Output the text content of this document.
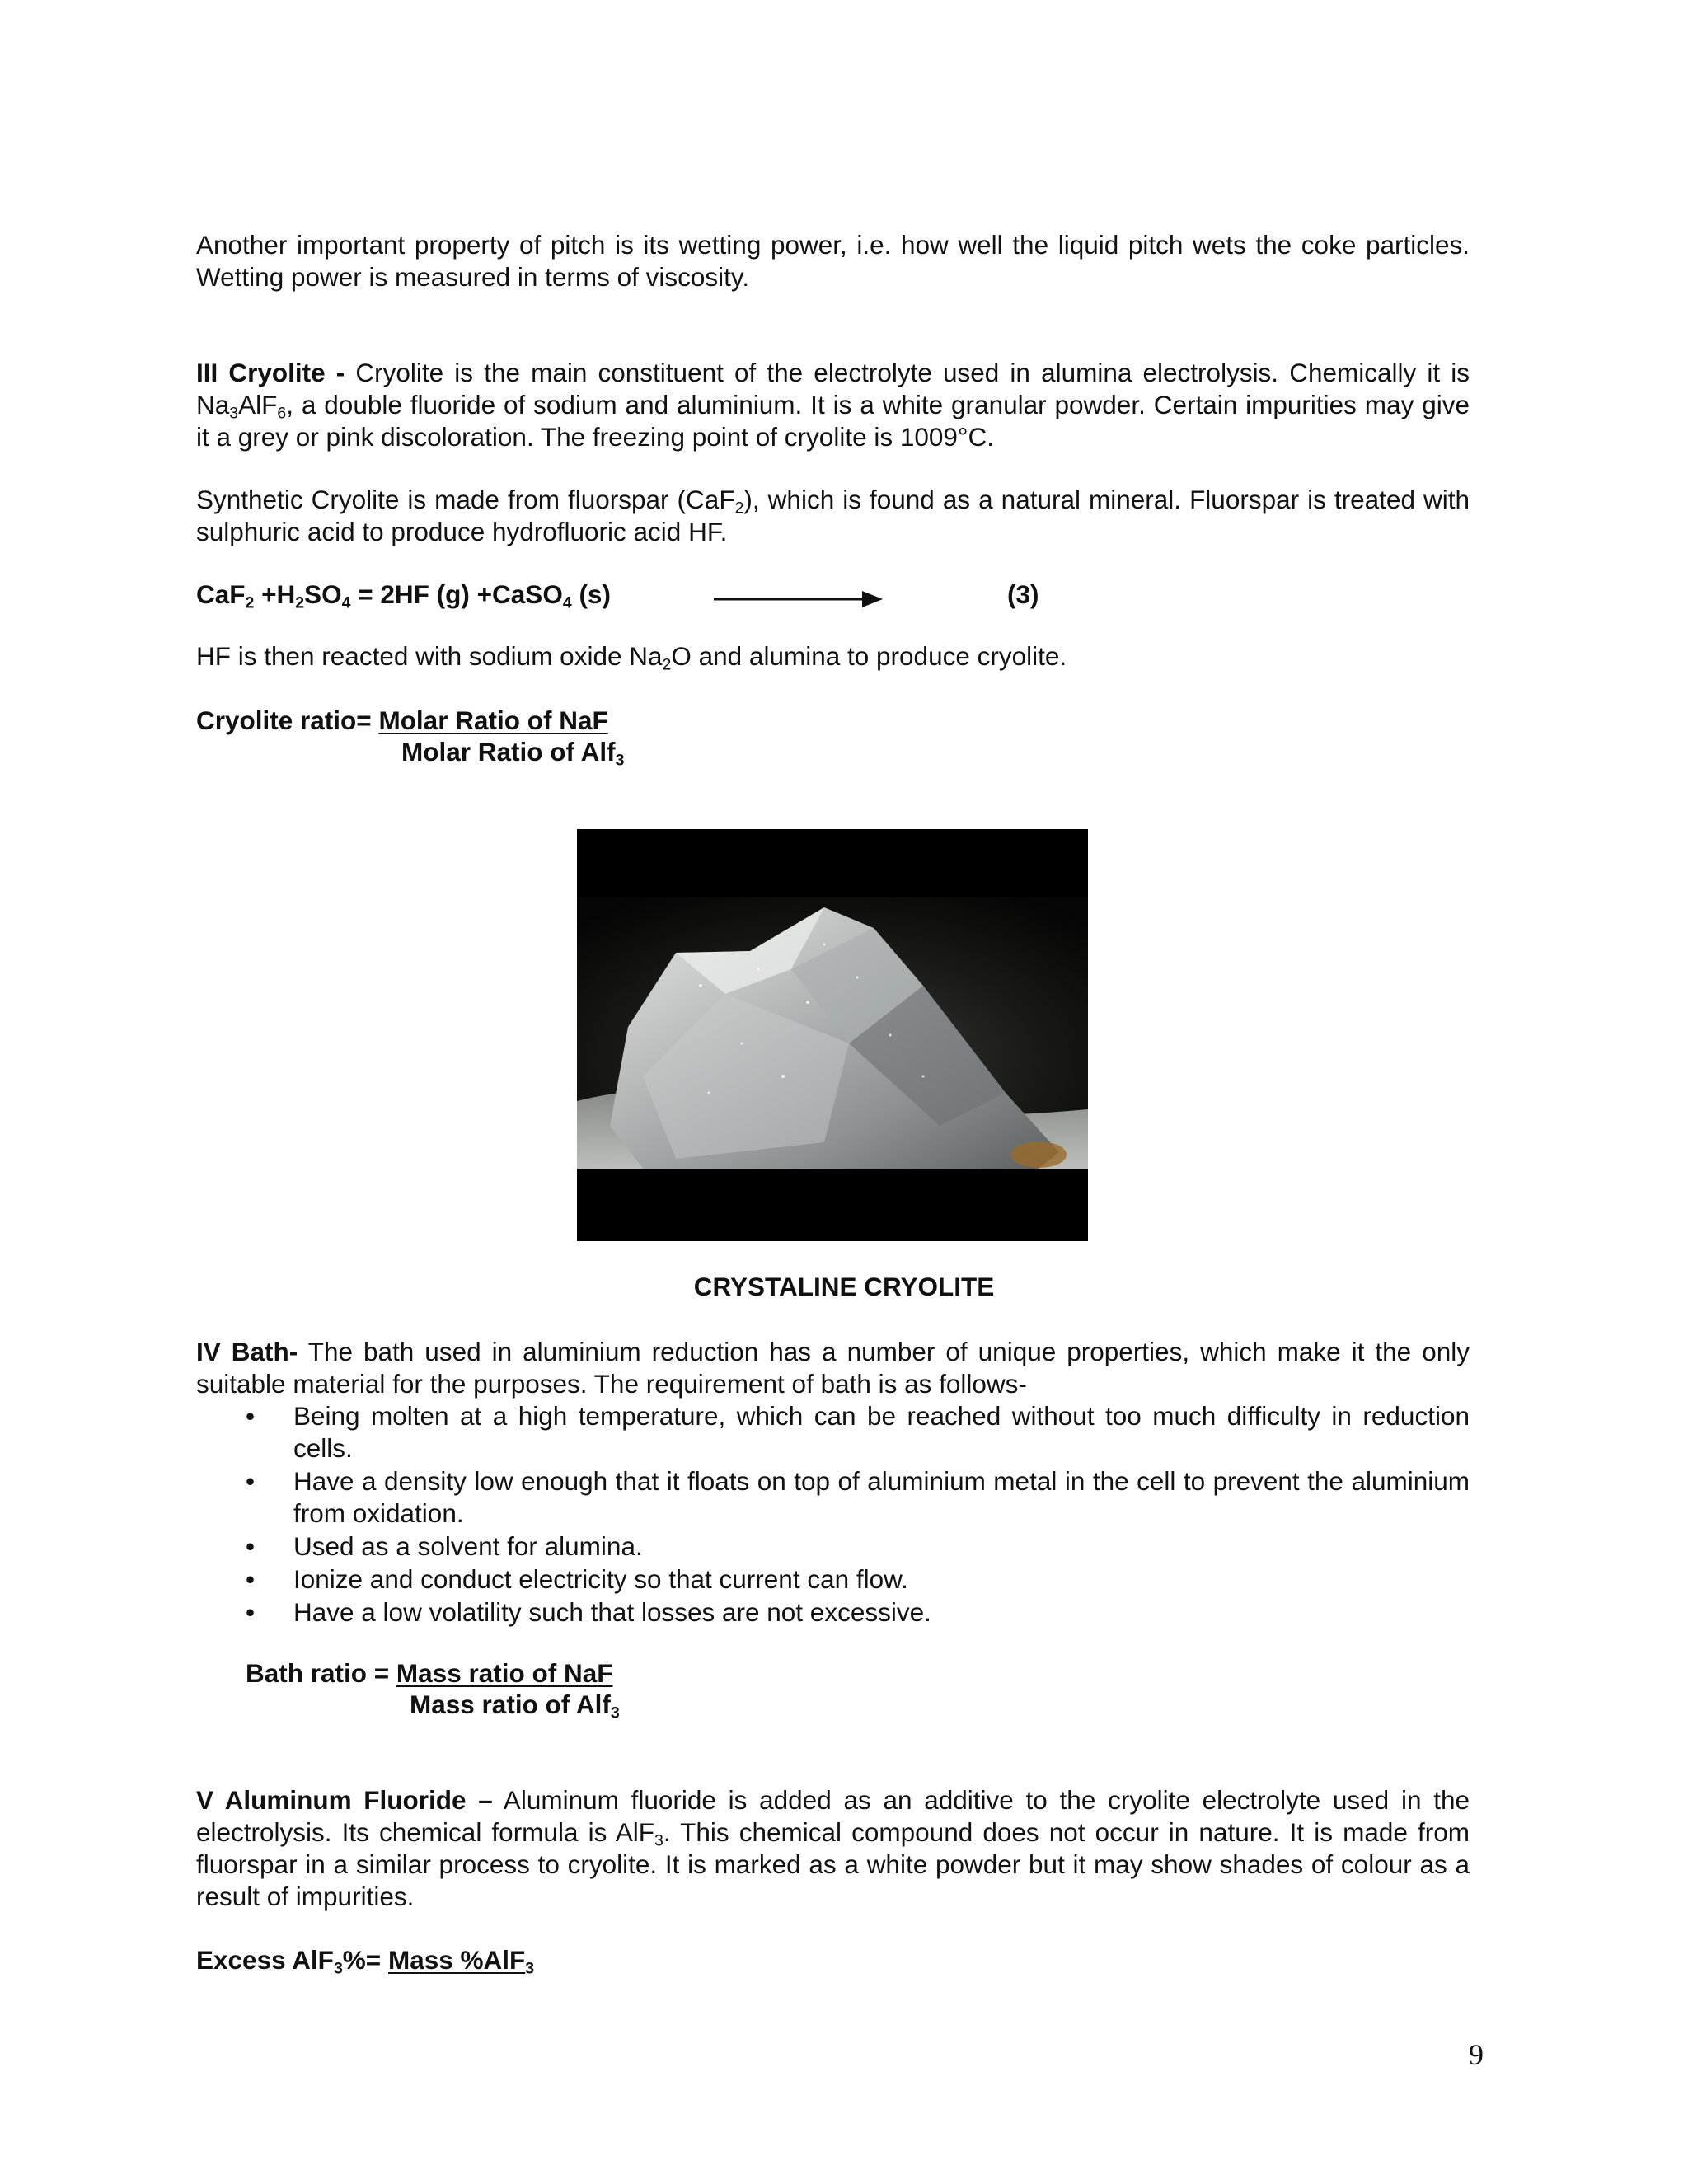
Another important property of pitch is its wetting power, i.e. how well the liquid pitch wets the coke particles. Wetting power is measured in terms of viscosity.

III Cryolite - Cryolite is the main constituent of the electrolyte used in alumina electrolysis. Chemically it is $Na_3AlF_6$, a double fluoride of sodium and aluminium. It is a white granular powder. Certain impurities may give it a grey or pink discoloration. The freezing point of cryolite is 1009°C.

Synthetic Cryolite is made from fluorspar (CaF$_2$), which is found as a natural mineral. Fluorspar is treated with sulphuric acid to produce hydrofluoric acid HF.

$CaF_2 +H_2SO_4 = 2HF$ (g) +CaSO$_4$ (s)	(3)

HF is then reacted with sodium oxide $Na_2O$ and alumina to produce cryolite.

Cryolite ratio= Molar Ratio of NaF

Molar Ratio of Alf$_3$

CRYSTALINE CRYOLITE

IV Bath- The bath used in aluminium reduction has a number of unique properties, which make it the only suitable material for the purposes. The requirement of bath is as follows-

• Being molten at a high temperature, which can be reached without too much difficulty in reduction cells.
• Have a density low enough that it floats on top of aluminium metal in the cell to prevent the aluminium from oxidation.
• Used as a solvent for alumina.
• Ionize and conduct electricity so that current can flow.
• Have a low volatility such that losses are not excessive.

Bath ratio = Mass ratio of NaF

Mass ratio of Alf$_3$

V Aluminum Fluoride – Aluminum fluoride is added as an additive to the cryolite electrolyte used in the electrolysis. Its chemical formula is AlF$_3$. This chemical compound does not occur in nature. It is made from fluorspar in a similar process to cryolite. It is marked as a white powder but it may show shades of colour as a result of impurities.

Excess AlF$_3$%= Mass %AlF$_3$

9
